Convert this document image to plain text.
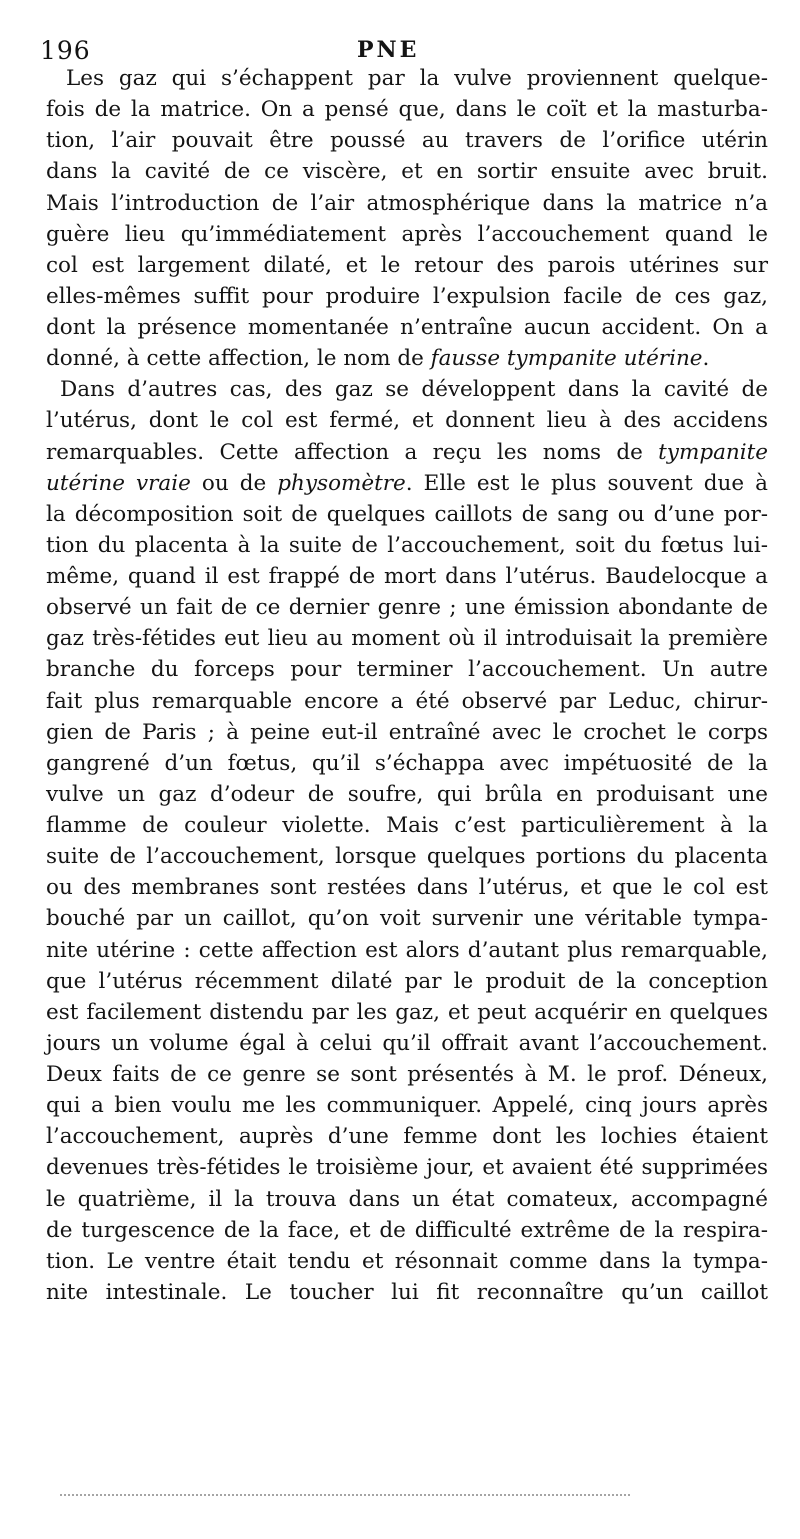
196	PNE
Les gaz qui s’échappent par la vulve proviennent quelque-
fois de la matrice. On a pensé que, dans le coït et la masturba-
tion, l’air pouvait être poussé au travers de l’orifice utérin
dans la cavité de ce viscère, et en sortir ensuite avec bruit.
Mais l’introduction de l’air atmosphérique dans la matrice n’a
guère lieu qu’immédiatement après l’accouchement quand le
col est largement dilaté, et le retour des parois utérines sur
elles-mêmes suffit pour produire l’expulsion facile de ces gaz,
dont la présence momentanée n’entraîne aucun accident. On a
donné, à cette affection, le nom de fausse tympanite utérine.
Dans d’autres cas, des gaz se développent dans la cavité de
l’utérus, dont le col est fermé, et donnent lieu à des accidens
remarquables. Cette affection a reçu les noms de tympanite
utérine vraie ou de physomètre. Elle est le plus souvent due à
la décomposition soit de quelques caillots de sang ou d’une por-
tion du placenta à la suite de l’accouchement, soit du fœtus lui-
même, quand il est frappé de mort dans l’utérus. Baudelocque a
observé un fait de ce dernier genre ; une émission abondante de
gaz très-fétides eut lieu au moment où il introduisait la première
branche du forceps pour terminer l’accouchement. Un autre
fait plus remarquable encore a été observé par Leduc, chirur-
gien de Paris ; à peine eut-il entraîné avec le crochet le corps
gangrené d’un fœtus, qu’il s’échappa avec impétuosité de la
vulve un gaz d’odeur de soufre, qui brûla en produisant une
flamme de couleur violette. Mais c’est particulièrement à la
suite de l’accouchement, lorsque quelques portions du placenta
ou des membranes sont restées dans l’utérus, et que le col est
bouché par un caillot, qu’on voit survenir une véritable tympa-
nite utérine : cette affection est alors d’autant plus remarquable,
que l’utérus récemment dilaté par le produit de la conception
est facilement distendu par les gaz, et peut acquérir en quelques
jours un volume égal à celui qu’il offrait avant l’accouchement.
Deux faits de ce genre se sont présentés à M. le prof. Déneux,
qui a bien voulu me les communiquer. Appelé, cinq jours après
l’accouchement, auprès d’une femme dont les lochies étaient
devenues très-fétides le troisième jour, et avaient été supprimées
le quatrième, il la trouva dans un état comateux, accompagné
de turgescence de la face, et de difficulté extrême de la respira-
tion. Le ventre était tendu et résonnait comme dans la tympa-
nite intestinale. Le toucher lui fit reconnaître qu’un caillot
